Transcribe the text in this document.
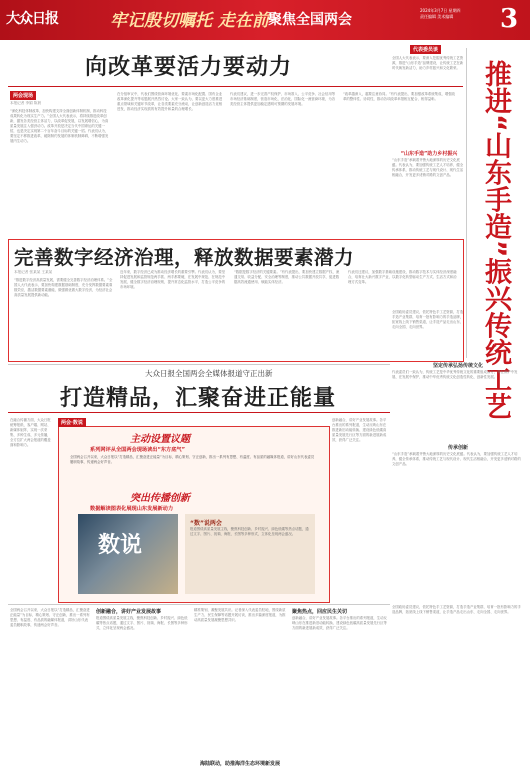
大众日报	牢记殷切嘱托 走在前 聚焦全国两会
2024年3月7日 星期四
责任编辑 美术编辑	3
向改革要活力要动力
两会现场
本报记者 李娟 陈晨
“深化科技体制改革，加快构建支持全面创新体制机制，推动科技成果转化为现实生产力。”全国人大代表表示，将持续推进改革创新，激发各类经营主体活力，以改革促发展，以发展增信心，为高质量发展注入强劲动力。改革开放是决定当代中国命运的关键一招，也是决定实现第二个百年奋斗目标的关键一招。代表们认为，要坚定不移推进改革，破除制约发展的体制机制障碍，不断增强发展内生动力。
在分组审议中，代表们围绕营商环境优化、要素市场化配置、国有企业改革深化提升等话题展开热烈讨论。大家一致认为，要以更大力度推进重点领域和关键环节改革，让各类要素充分流动，让创新创造活力竞相迸发，推动经济实现质的有效提升和量的合理增长。
代表们建议，进一步完善产权保护、市场准入、公平竞争、社会信用等市场经济基础制度，营造市场化、法治化、国际化一流营商环境，为各类经营主体提供更加稳定透明可预期的发展环境。
“改革越深入，越要注意协同。”有代表提出，要加强改革系统集成，增强改革的整体性、协同性，推动各项改革举措相互配合、相得益彰。
完善数字经济治理，释放数据要素潜力
本报记者 张某某 王某某
“推进数字经济高质量发展，需要健全完善数字经济治理体系。”全国人大代表表示，要加快构建数据基础制度，充分发挥数据要素乘数效应，激活数据要素潜能，做强做优做大数字经济，为经济社会高质量发展提供新动能。
近年来，数字经济已成为推动经济增长的重要引擎。代表们认为，要坚持促进发展和监管规范两手抓、两手都要硬，在发展中规范、在规范中发展，健全数字经济治理规则，提升常态化监管水平，打造公平竞争的市场环境。
“数据是数字经济的关键要素。”有代表提出，要加快建立数据产权、流通交易、收益分配、安全治理等制度，推动公共数据开放共享，促进数据高效流通使用、赋能实体经济。
代表们还建议，加强数字基础设施建设，推动数字技术与实体经济深度融合，培育壮大新兴数字产业，以数字化转型驱动生产方式、生活方式和治理方式变革。
代表委员谈
全国人大代表表示，要深入挖掘优秀传统工艺资源，推进“山东手造”品牌建设，让传统工艺在新时代焕发新活力，助力乡村振兴和文化繁荣。
“山东手造”助力乡村振兴
“山东手造”承载着齐鲁大地深厚的历史文化底蕴。代表认为，要加强传统工艺人才培养，健全传承体系，推动传统工艺与现代设计、现代生活相融合，开发更多适销对路的文创产品。
全国政协委员建议，依托特色手工艺资源，打造手造产业集群，培育一批有影响力的手造品牌，拓宽线上线下销售渠道，让手造产品走出山东、走向全国、走向世界。	推进“山东手造”振兴传统工艺
坚定传承弘扬传统文化
代表委员们一致认为，传统工艺是中华优秀传统文化的重要组成部分，要在保护中发展、在发展中保护，推动中华优秀传统文化创造性转化、创新性发展。
传承创新
“山东手造”承载着齐鲁大地深厚的历史文化底蕴。代表认为，要加强传统工艺人才培养，健全传承体系，推动传统工艺与现代设计、现代生活相融合，开发更多适销对路的文创产品。
全国政协委员建议，依托特色手工艺资源，打造手造产业集群，培育一批有影响力的手造品牌，拓宽线上线下销售渠道，让手造产品走出山东、走向全国、走向世界。
大众日报全国两会全媒体报道守正出新
打造精品，汇聚奋进正能量
两会·数说
主动设置议题
系列网评从全国两会现场读出“东方底气”
全国两会召开以来，大众日报以“打造精品，汇聚奋进正能量”为目标，精心策划、守正创新，推出一系列有思想、有温度、有品质的融媒体报道，讲好山东代表委员履职故事，传递两会好声音。
突出传播创新
数据解读图表化展现山东发展新动力
数说
“数”说两会
报道围绕高质量发展主线，聚焦科技创新、乡村振兴、绿色低碳等热点话题，通过文字、图片、视频、海报、长图等多种形式，立体化呈现两会盛况。
在融合传播方面，大众日报统筹报纸、客户端、网站、新媒体矩阵，实现一次采集、多种生成、多元传播，全方位扩大两会报道的覆盖面和影响力。
创新融合，讲好产业发展故事。各平台推出的系列报道，生动反映山东在推进新旧动能转换、建设绿色低碳高质量发展先行区等方面的新进展新成效，获得广泛关注。
全国两会召开以来，大众日报以“打造精品，汇聚奋进正能量”为目标，精心策划、守正创新，推出一系列有思想、有温度、有品质的融媒体报道，讲好山东代表委员履职故事，传递两会好声音。
创新融合，讲好产业发展故事
报道围绕高质量发展主线，聚焦科技创新、乡村振兴、绿色低碳等热点话题，通过文字、图片、视频、海报、长图等多种形式，立体化呈现两会盛况。
精准策划，凝聚发展共识。记者深入代表委员驻地，围绕新质生产力、民生保障等话题开展访谈，推出多篇深度报道，为推动高质量发展凝聚思想共识。
海陆联动，助推海洋生态环境新发展
聚焦热点，回应民生关切
创新融合，讲好产业发展故事。各平台推出的系列报道，生动反映山东在推进新旧动能转换、建设绿色低碳高质量发展先行区等方面的新进展新成效，获得广泛关注。
